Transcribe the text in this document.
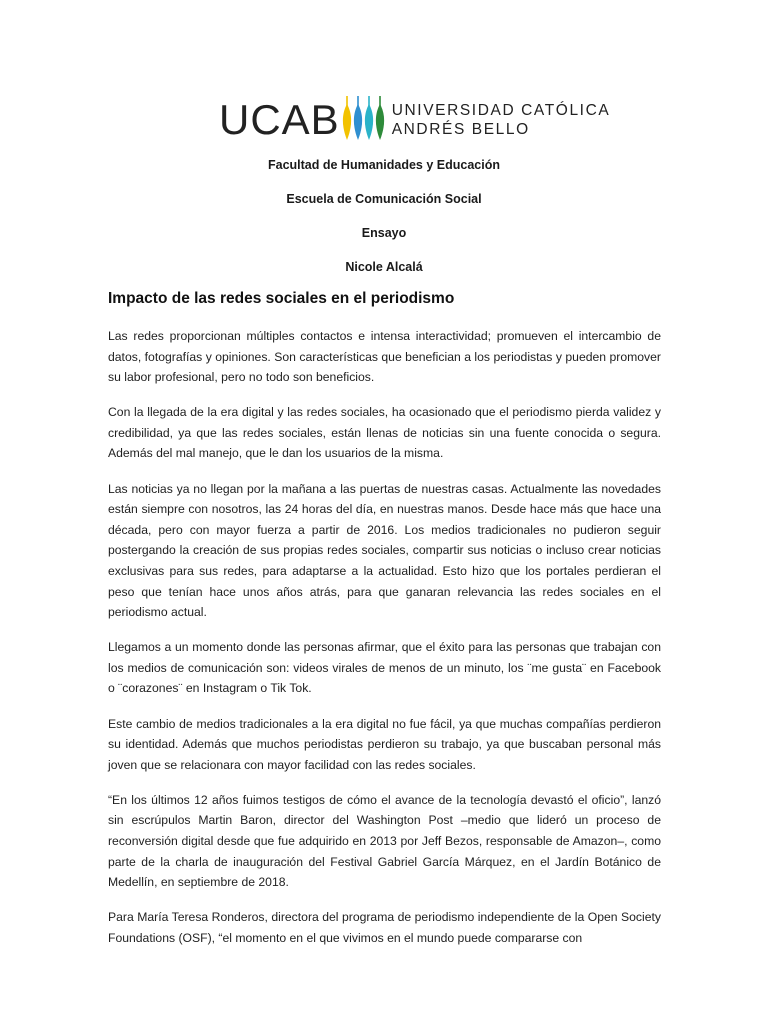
UCAB	UNIVERSIDAD CATÓLICA
ANDRÉS BELLO
Facultad de Humanidades y Educación
Escuela de Comunicación Social
Ensayo
Nicole Alcalá
Impacto de las redes sociales en el periodismo

Las redes proporcionan múltiples contactos e intensa interactividad; promueven el intercambio de datos, fotografías y opiniones. Son características que benefician a los periodistas y pueden promover su labor profesional, pero no todo son beneficios.

Con la llegada de la era digital y las redes sociales, ha ocasionado que el periodismo pierda validez y credibilidad, ya que las redes sociales, están llenas de noticias sin una fuente conocida o segura. Además del mal manejo, que le dan los usuarios de la misma.

Las noticias ya no llegan por la mañana a las puertas de nuestras casas. Actualmente las novedades están siempre con nosotros, las 24 horas del día, en nuestras manos. Desde hace más que hace una década, pero con mayor fuerza a partir de 2016. Los medios tradicionales no pudieron seguir postergando la creación de sus propias redes sociales, compartir sus noticias o incluso crear noticias exclusivas para sus redes, para adaptarse a la actualidad. Esto hizo que los portales perdieran el peso que tenían hace unos años atrás, para que ganaran relevancia las redes sociales en el periodismo actual.

Llegamos a un momento donde las personas afirmar, que el éxito para las personas que trabajan con los medios de comunicación son: videos virales de menos de un minuto, los ¨me gusta¨ en Facebook o ¨corazones¨ en Instagram o Tik Tok.

Este cambio de medios tradicionales a la era digital no fue fácil, ya que muchas compañías perdieron su identidad. Además que muchos periodistas perdieron su trabajo, ya que buscaban personal más joven que se relacionara con mayor facilidad con las redes sociales.

“En los últimos 12 años fuimos testigos de cómo el avance de la tecnología devastó el oficio”, lanzó sin escrúpulos Martin Baron, director del Washington Post –medio que lideró un proceso de reconversión digital desde que fue adquirido en 2013 por Jeff Bezos, responsable de Amazon–, como parte de la charla de inauguración del Festival Gabriel García Márquez, en el Jardín Botánico de Medellín, en septiembre de 2018.

Para María Teresa Ronderos, directora del programa de periodismo independiente de la Open Society Foundations (OSF), “el momento en el que vivimos en el mundo puede compararse con
